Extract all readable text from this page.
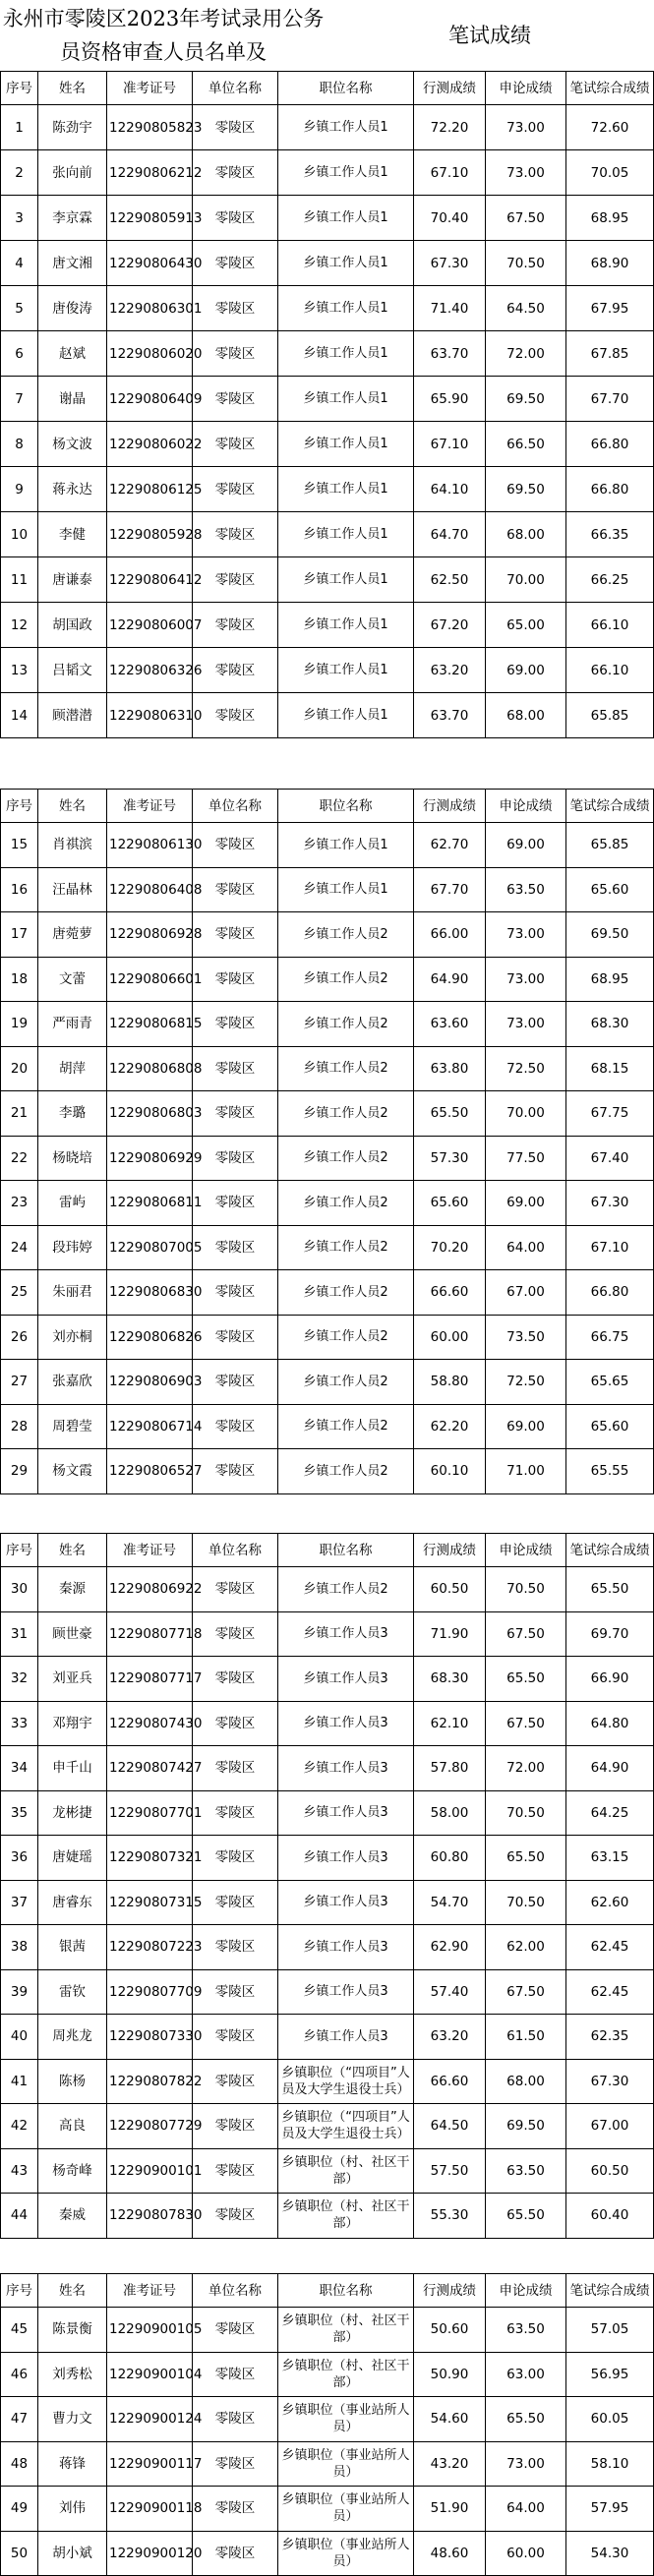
永州市零陵区2023年考试录用公务员资格审查人员名单及
笔试成绩
序号	姓名	准考证号	单位名称	职位名称	行测成绩	申论成绩	笔试综合成绩
1	陈劲宇	12290805823	零陵区	乡镇工作人员1	72.20	73.00	72.60
2	张向前	12290806212	零陵区	乡镇工作人员1	67.10	73.00	70.05
3	李京霖	12290805913	零陵区	乡镇工作人员1	70.40	67.50	68.95
4	唐文湘	12290806430	零陵区	乡镇工作人员1	67.30	70.50	68.90
5	唐俊涛	12290806301	零陵区	乡镇工作人员1	71.40	64.50	67.95
6	赵斌	12290806020	零陵区	乡镇工作人员1	63.70	72.00	67.85
7	谢晶	12290806409	零陵区	乡镇工作人员1	65.90	69.50	67.70
8	杨文波	12290806022	零陵区	乡镇工作人员1	67.10	66.50	66.80
9	蒋永达	12290806125	零陵区	乡镇工作人员1	64.10	69.50	66.80
10	李健	12290805928	零陵区	乡镇工作人员1	64.70	68.00	66.35
11	唐谦泰	12290806412	零陵区	乡镇工作人员1	62.50	70.00	66.25
12	胡国政	12290806007	零陵区	乡镇工作人员1	67.20	65.00	66.10
13	吕韬文	12290806326	零陵区	乡镇工作人员1	63.20	69.00	66.10
14	顾潜潜	12290806310	零陵区	乡镇工作人员1	63.70	68.00	65.85
序号	姓名	准考证号	单位名称	职位名称	行测成绩	申论成绩	笔试综合成绩
15	肖祺滨	12290806130	零陵区	乡镇工作人员1	62.70	69.00	65.85
16	汪晶林	12290806408	零陵区	乡镇工作人员1	67.70	63.50	65.60
17	唐菀萝	12290806928	零陵区	乡镇工作人员2	66.00	73.00	69.50
18	文蕾	12290806601	零陵区	乡镇工作人员2	64.90	73.00	68.95
19	严雨青	12290806815	零陵区	乡镇工作人员2	63.60	73.00	68.30
20	胡萍	12290806808	零陵区	乡镇工作人员2	63.80	72.50	68.15
21	李璐	12290806803	零陵区	乡镇工作人员2	65.50	70.00	67.75
22	杨晓培	12290806929	零陵区	乡镇工作人员2	57.30	77.50	67.40
23	雷屿	12290806811	零陵区	乡镇工作人员2	65.60	69.00	67.30
24	段玮婷	12290807005	零陵区	乡镇工作人员2	70.20	64.00	67.10
25	朱丽君	12290806830	零陵区	乡镇工作人员2	66.60	67.00	66.80
26	刘亦桐	12290806826	零陵区	乡镇工作人员2	60.00	73.50	66.75
27	张嘉欣	12290806903	零陵区	乡镇工作人员2	58.80	72.50	65.65
28	周碧莹	12290806714	零陵区	乡镇工作人员2	62.20	69.00	65.60
29	杨文霞	12290806527	零陵区	乡镇工作人员2	60.10	71.00	65.55
序号	姓名	准考证号	单位名称	职位名称	行测成绩	申论成绩	笔试综合成绩
30	秦源	12290806922	零陵区	乡镇工作人员2	60.50	70.50	65.50
31	顾世豪	12290807718	零陵区	乡镇工作人员3	71.90	67.50	69.70
32	刘亚兵	12290807717	零陵区	乡镇工作人员3	68.30	65.50	66.90
33	邓翔宇	12290807430	零陵区	乡镇工作人员3	62.10	67.50	64.80
34	申千山	12290807427	零陵区	乡镇工作人员3	57.80	72.00	64.90
35	龙彬捷	12290807701	零陵区	乡镇工作人员3	58.00	70.50	64.25
36	唐婕瑶	12290807321	零陵区	乡镇工作人员3	60.80	65.50	63.15
37	唐睿东	12290807315	零陵区	乡镇工作人员3	54.70	70.50	62.60
38	银茜	12290807223	零陵区	乡镇工作人员3	62.90	62.00	62.45
39	雷钦	12290807709	零陵区	乡镇工作人员3	57.40	67.50	62.45
40	周兆龙	12290807330	零陵区	乡镇工作人员3	63.20	61.50	62.35
41	陈杨	12290807822	零陵区	乡镇职位（“四项目”人员及大学生退役士兵）	66.60	68.00	67.30
42	高良	12290807729	零陵区	乡镇职位（“四项目”人员及大学生退役士兵）	64.50	69.50	67.00
43	杨奇峰	12290900101	零陵区	乡镇职位（村、社区干部）	57.50	63.50	60.50
44	秦威	12290807830	零陵区	乡镇职位（村、社区干部）	55.30	65.50	60.40
序号	姓名	准考证号	单位名称	职位名称	行测成绩	申论成绩	笔试综合成绩
45	陈景衡	12290900105	零陵区	乡镇职位（村、社区干部）	50.60	63.50	57.05
46	刘秀松	12290900104	零陵区	乡镇职位（村、社区干部）	50.90	63.00	56.95
47	曹力文	12290900124	零陵区	乡镇职位（事业站所人员）	54.60	65.50	60.05
48	蒋锋	12290900117	零陵区	乡镇职位（事业站所人员）	43.20	73.00	58.10
49	刘伟	12290900118	零陵区	乡镇职位（事业站所人员）	51.90	64.00	57.95
50	胡小斌	12290900120	零陵区	乡镇职位（事业站所人员）	48.60	60.00	54.30
